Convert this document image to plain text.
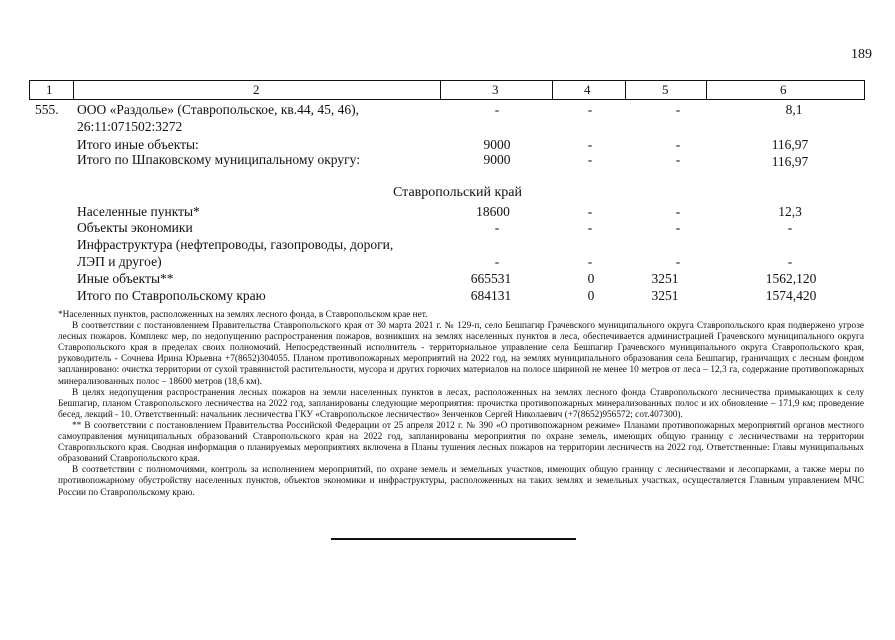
189
1	2	3	4	5	6
555. ООО «Раздолье» (Ставропольское, кв.44, 45, 46),
26:11:071502:3272
-	-	-	8,1
Итого иные объекты:	9000	-	-	116,97
Итого по Шпаковскому муниципальному округу:	9000	-	-	116,97
Ставропольский край
Населенные пункты*	18600	-	-	12,3
Объекты экономики	-	-	-	-
Инфраструктура (нефтепроводы, газопроводы, дороги,
ЛЭП и другое)	-	-	-	-
Иные объекты**	665531	0	3251	1562,120
Итого по Ставропольскому краю	684131	0	3251	1574,420

*Населенных пунктов, расположенных на землях лесного фонда, в Ставропольском крае нет.

В соответствии с постановлением Правительства Ставропольского края от 30 марта 2021 г. № 129-п, село Бешпагир Грачевского муниципального округа Ставропольского края подвержено угрозе лесных пожаров. Комплекс мер, по недопущению распространения пожаров, возникших на землях населенных пунктов в леса, обеспечивается администрацией Грачевского муниципального округа Ставропольского края в пределах своих полномочий. Непосредственный исполнитель - территориальное управление села Бешпагир Грачевского муниципального округа Ставропольского края, руководитель - Сочнева Ирина Юрьевна +7(8652)304055. Планом противопожарных мероприятий на 2022 год, на землях муниципального образования села Бешпагир, граничащих с лесным фондом запланировано: очистка территории от сухой травянистой растительности, мусора и других горючих материалов на полосе шириной не менее 10 метров от леса – 12,3 га, содержание противопожарных минерализованных полос – 18600 метров (18,6 км).

В целях недопущения распространения лесных пожаров на земли населенных пунктов в лесах, расположенных на землях лесного фонда Ставропольского лесничества примыкающих к селу Бешпагир, планом Ставропольского лесничества на 2022 год, запланированы следующие мероприятия: прочистка противопожарных минерализованных полос и их обновление – 171,9 км; проведение бесед, лекций - 10. Ответственный: начальник лесничества ГКУ «Ставропольское лесничество» Зенченков Сергей Николаевич (+7(8652)956572; сот.407300).

** В соответствии с постановлением Правительства Российской Федерации от 25 апреля 2012 г. № 390 «О противопожарном режиме» Планами противопожарных мероприятий органов местного самоуправления муниципальных образований Ставропольского края на 2022 год, запланированы мероприятия по охране земель, имеющих общую границу с лесничествами на территории Ставропольского края. Сводная информация о планируемых мероприятиях включена в Планы тушения лесных пожаров на территории лесничеств на 2022 год. Ответственные: Главы муниципальных образований Ставропольского края.

В соответствии с полномочиями, контроль за исполнением мероприятий, по охране земель и земельных участков, имеющих общую границу с лесничествами и лесопарками, а также меры по противопожарному обустройству населенных пунктов, объектов экономики и инфраструктуры, расположенных на таких землях и земельных участках, осуществляется Главным управлением МЧС России по Ставропольскому краю.
